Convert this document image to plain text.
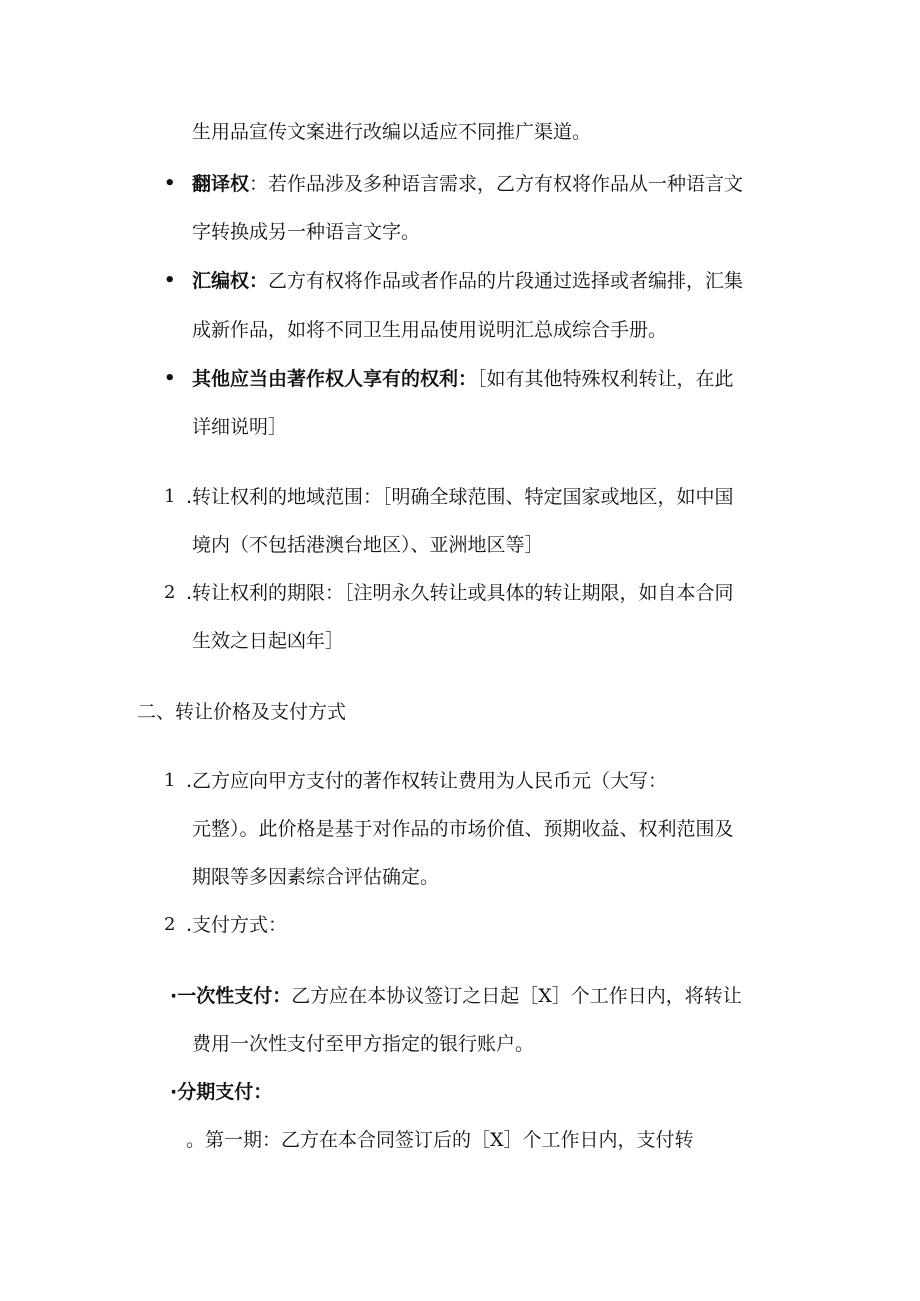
生用品宣传文案进行改编以适应不同推广渠道。
• 翻译权：若作品涉及多种语言需求，乙方有权将作品从一种语言文
字转换成另一种语言文字。
• 汇编权：乙方有权将作品或者作品的片段通过选择或者编排，汇集
成新作品，如将不同卫生用品使用说明汇总成综合手册。
• 其他应当由著作权人享有的权利：［如有其他特殊权利转让，在此
详细说明］
1 .转让权利的地域范围：［明确全球范围、特定国家或地区，如中国
境内（不包括港澳台地区）、亚洲地区等］
2 .转让权利的期限：［注明永久转让或具体的转让期限，如自本合同
生效之日起凶年］
二、转让价格及支付方式
1 .乙方应向甲方支付的著作权转让费用为人民币元（大写：
元整）。此价格是基于对作品的市场价值、预期收益、权利范围及
期限等多因素综合评估确定。
2 .支付方式：
·一次性支付：乙方应在本协议签订之日起［X］个工作日内，将转让
费用一次性支付至甲方指定的银行账户。
·分期支付：
。第一期：乙方在本合同签订后的［X］个工作日内，支付转
